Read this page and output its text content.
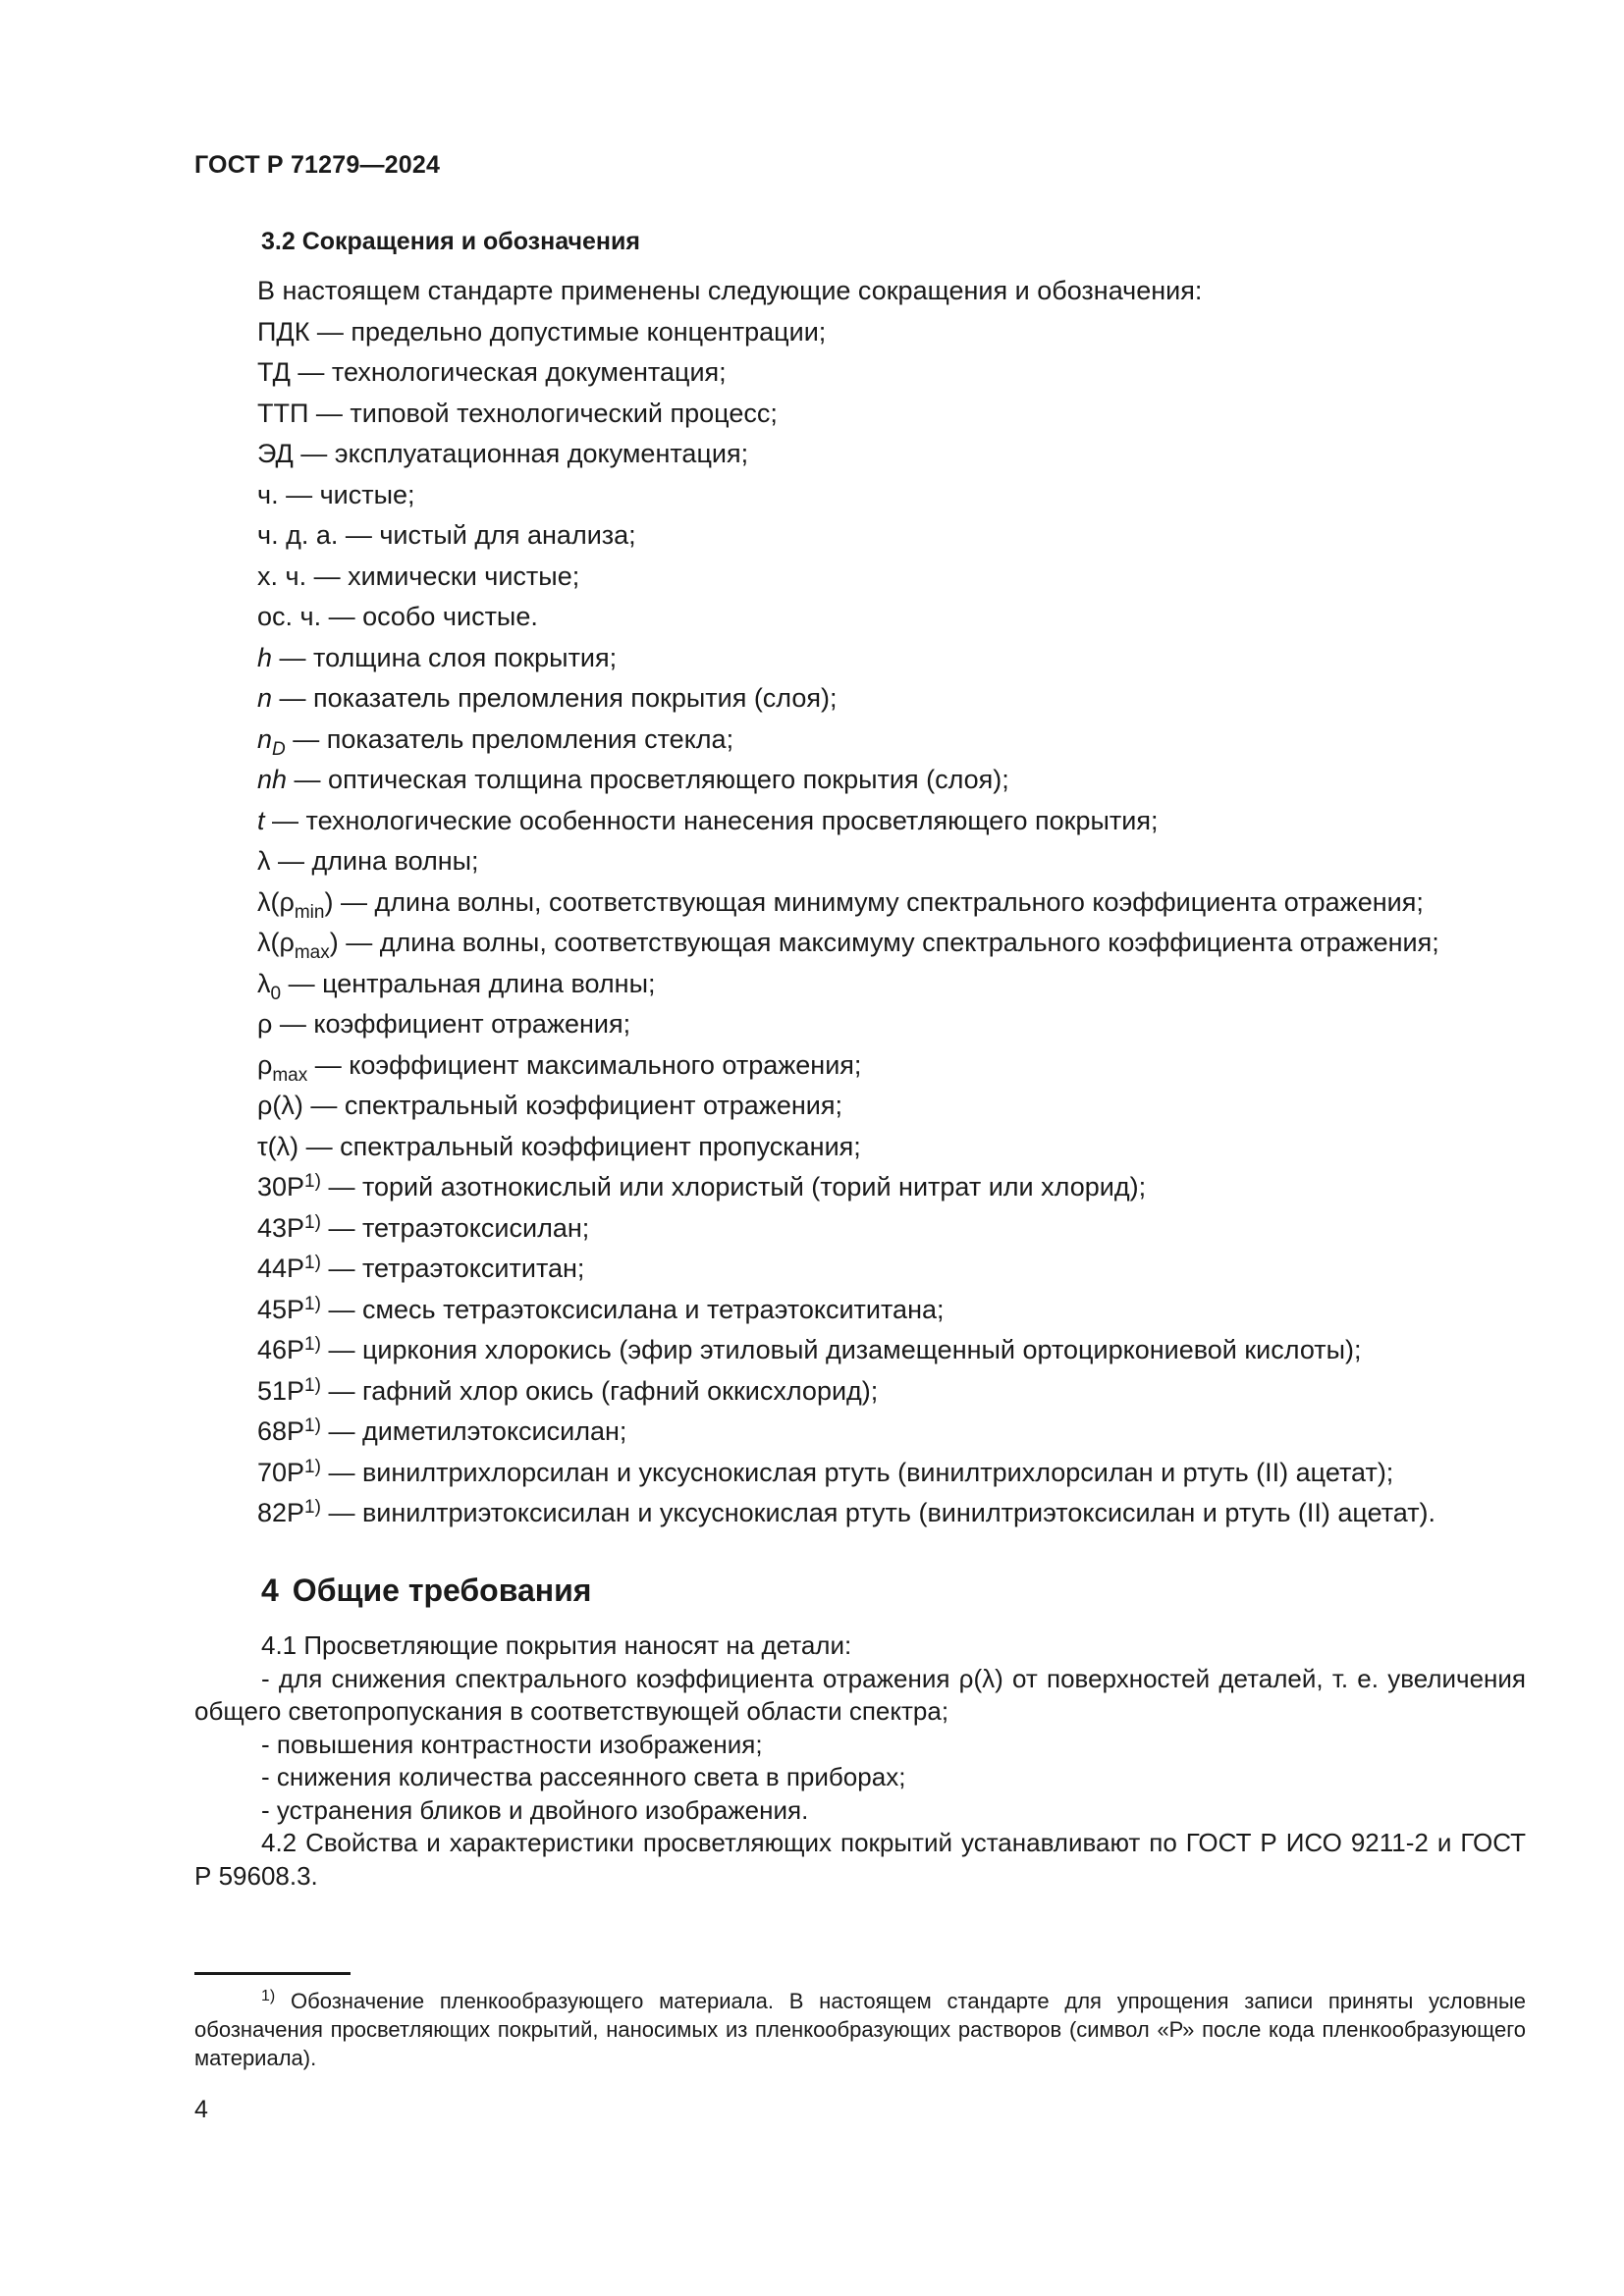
ГОСТ Р 71279—2024
3.2 Сокращения и обозначения
В настоящем стандарте применены следующие сокращения и обозначения:
ПДК — предельно допустимые концентрации;
ТД — технологическая документация;
ТТП — типовой технологический процесс;
ЭД — эксплуатационная документация;
ч. — чистые;
ч. д. а. — чистый для анализа;
х. ч. — химически чистые;
ос. ч. — особо чистые.
h — толщина слоя покрытия;
n — показатель преломления покрытия (слоя);
$n_D$ — показатель преломления стекла;
nh — оптическая толщина просветляющего покрытия (слоя);
t — технологические особенности нанесения просветляющего покрытия;
λ — длина волны;
$\lambda(\rho_{min})$ — длина волны, соответствующая минимуму спектрального коэффициента отражения;
$\lambda(\rho_{max})$ — длина волны, соответствующая максимуму спектрального коэффициента отражения;
$\lambda_0$ — центральная длина волны;
ρ — коэффициент отражения;
$\rho_{max}$ — коэффициент максимального отражения;
ρ(λ) — спектральный коэффициент отражения;
τ(λ) — спектральный коэффициент пропускания;
$30Р^{1)}$ — торий азотнокислый или хлористый (торий нитрат или хлорид);
$43Р^{1)}$ — тетраэтоксисилан;
$44Р^{1)}$ — тетраэтоксититан;
$45Р^{1)}$ — смесь тетраэтоксисилана и тетраэтоксититана;
$46Р^{1)}$ — циркония хлорокись (эфир этиловый дизамещенный ортоциркониевой кислоты);
$51Р^{1)}$ — гафний хлор окись (гафний оккисхлорид);
$68Р^{1)}$ — диметилэтоксисилан;
$70Р^{1)}$ — винилтрихлорсилан и уксуснокислая ртуть (винилтрихлорсилан и ртуть (II) ацетат);
$82Р^{1)}$ — винилтриэтоксисилан и уксуснокислая ртуть (винилтриэтоксисилан и ртуть (II) ацетат).
4 Общие требования

4.1 Просветляющие покрытия наносят на детали:

- для снижения спектрального коэффициента отражения ρ(λ) от поверхностей деталей, т. е. увеличения общего светопропускания в соответствующей области спектра;

- повышения контрастности изображения;

- снижения количества рассеянного света в приборах;

- устранения бликов и двойного изображения.

4.2 Свойства и характеристики просветляющих покрытий устанавливают по ГОСТ Р ИСО 9211-2 и ГОСТ Р 59608.3.

$^{1)}$ Обозначение пленкообразующего материала. В настоящем стандарте для упрощения записи приняты условные обозначения просветляющих покрытий, наносимых из пленкообразующих растворов (символ «Р» после кода пленкообразующего материала).
4
